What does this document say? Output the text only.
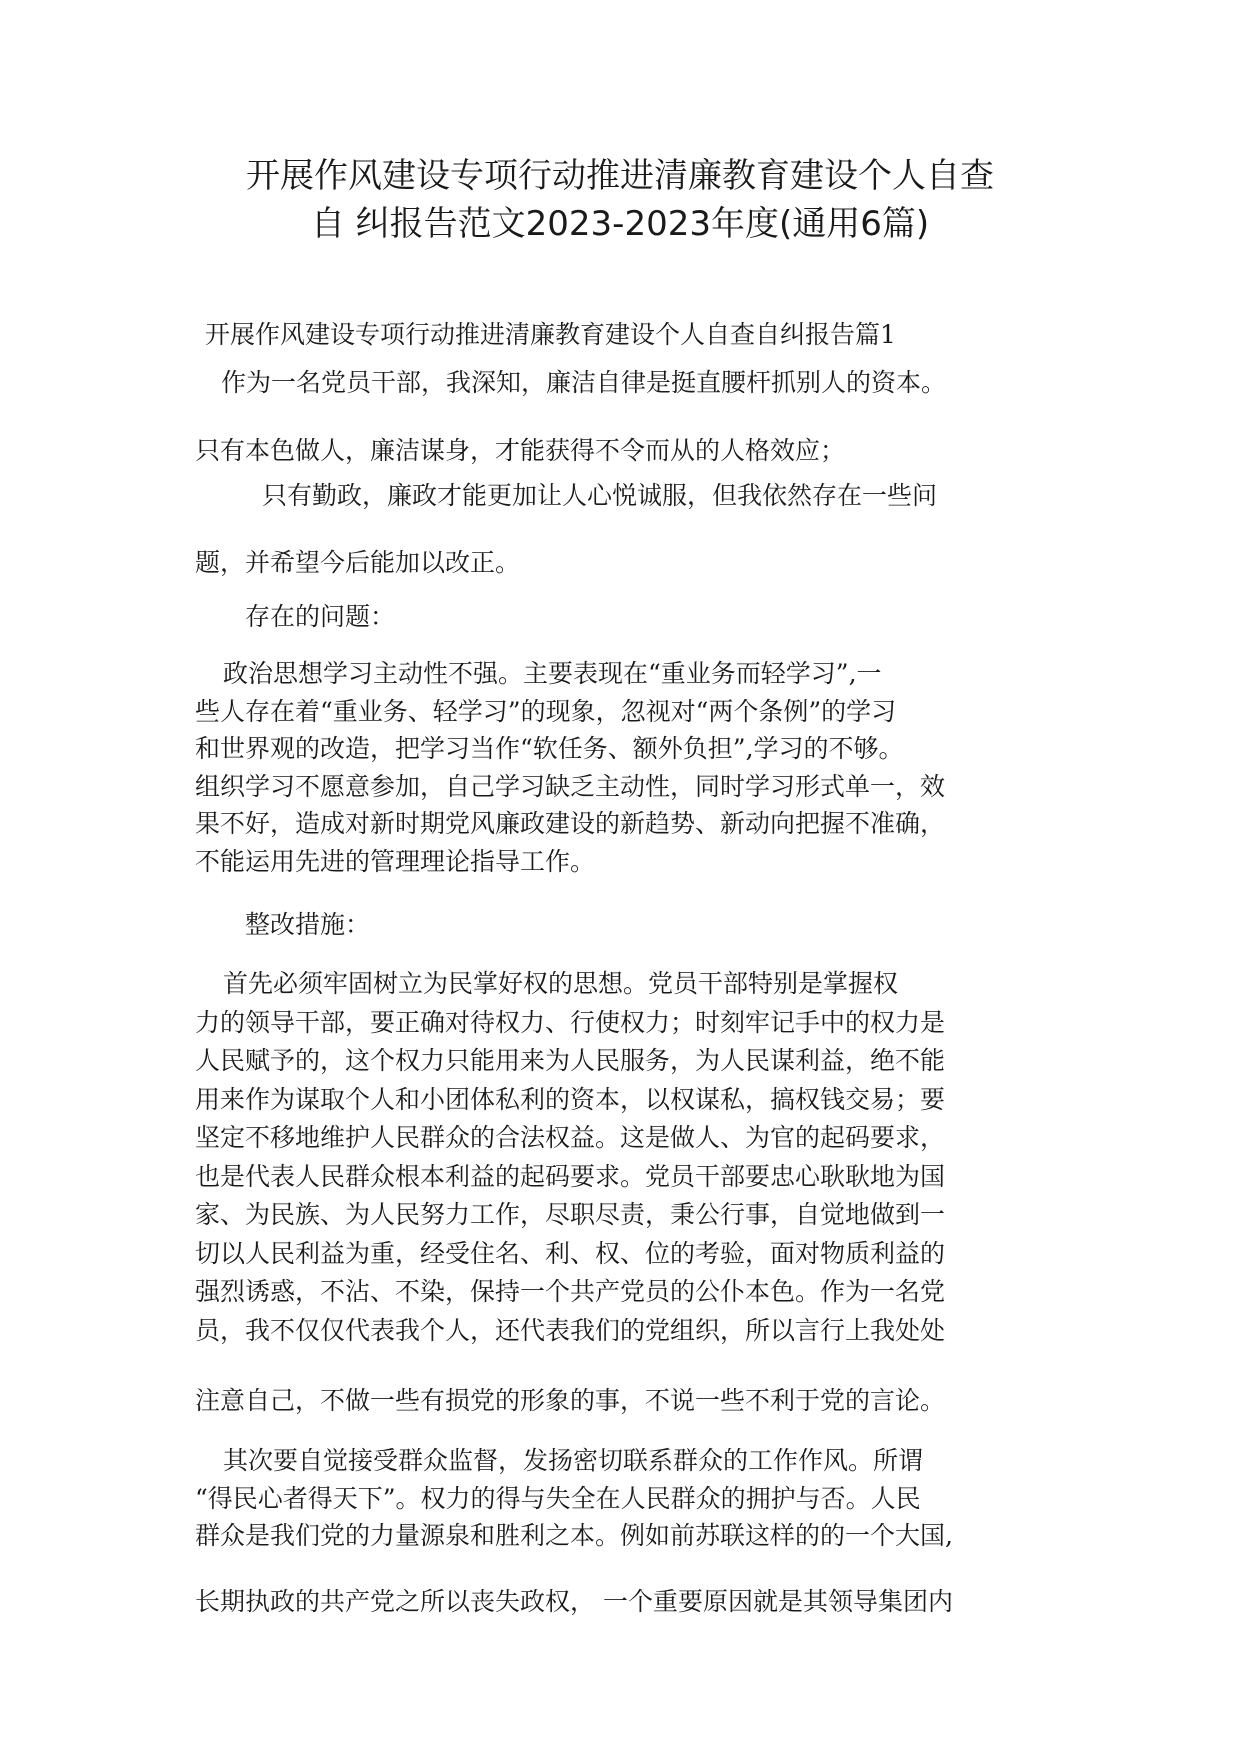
开展作风建设专项行动推进清廉教育建设个人自查
自 纠报告范文2023-2023年度(通用6篇)

开展作风建设专项行动推进清廉教育建设个人自查自纠报告篇1

作为一名党员干部，我深知，廉洁自律是挺直腰杆抓别人的资本。

只有本色做人，廉洁谋身，才能获得不令而从的人格效应；

只有勤政，廉政才能更加让人心悦诚服，但我依然存在一些问

题，并希望今后能加以改正。

存在的问题：

政治思想学习主动性不强。主要表现在“重业务而轻学习”,一
些人存在着“重业务、轻学习”的现象，忽视对“两个条例”的学习
和世界观的改造，把学习当作“软任务、额外负担”,学习的不够。
组织学习不愿意参加，自己学习缺乏主动性，同时学习形式单一，效
果不好，造成对新时期党风廉政建设的新趋势、新动向把握不准确，
不能运用先进的管理理论指导工作。

整改措施：

首先必须牢固树立为民掌好权的思想。党员干部特别是掌握权
力的领导干部，要正确对待权力、行使权力；时刻牢记手中的权力是
人民赋予的，这个权力只能用来为人民服务，为人民谋利益，绝不能
用来作为谋取个人和小团体私利的资本，以权谋私，搞权钱交易；要
坚定不移地维护人民群众的合法权益。这是做人、为官的起码要求，
也是代表人民群众根本利益的起码要求。党员干部要忠心耿耿地为国
家、为民族、为人民努力工作，尽职尽责，秉公行事，自觉地做到一
切以人民利益为重，经受住名、利、权、位的考验，面对物质利益的
强烈诱惑，不沾、不染，保持一个共产党员的公仆本色。作为一名党
员，我不仅仅代表我个人，还代表我们的党组织，所以言行上我处处

注意自己，不做一些有损党的形象的事，不说一些不利于党的言论。

其次要自觉接受群众监督，发扬密切联系群众的工作作风。所谓
“得民心者得天下”。权力的得与失全在人民群众的拥护与否。人民
群众是我们党的力量源泉和胜利之本。例如前苏联这样的的一个大国,

长期执政的共产党之所以丧失政权， 一个重要原因就是其领导集团内
